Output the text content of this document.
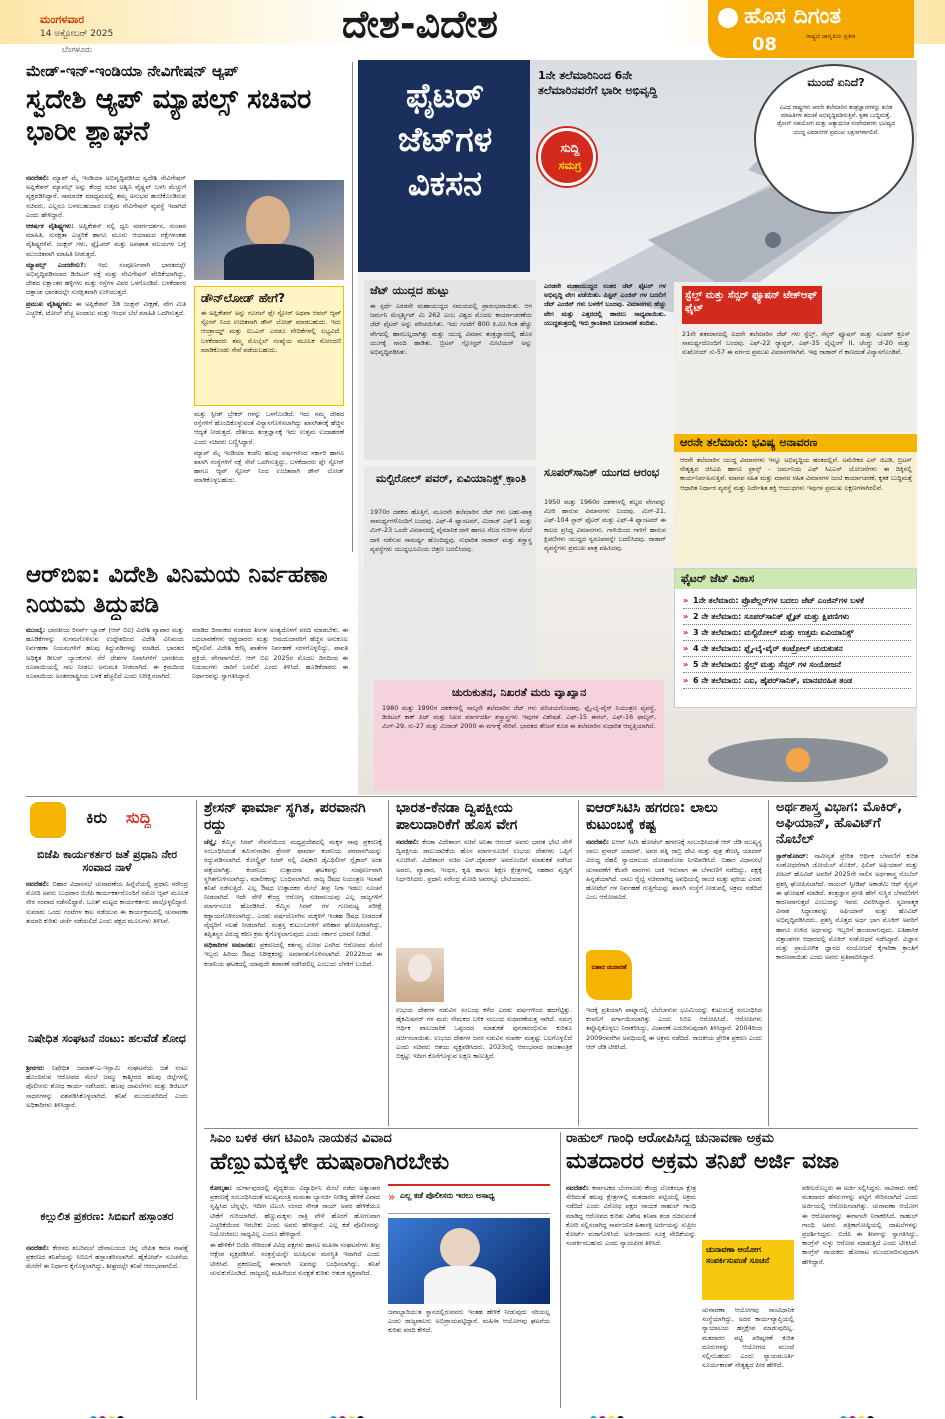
ಮಂಗಳವಾರ
14 ಅಕ್ಟೋಬರ್ 2025
ಬೆಂಗಳೂರು
ದೇಶ-ವಿದೇಶ	ಹೊಸ ದಿಗಂತ
ರಾಷ್ಟ್ರದ ಜಾಗೃತಿಯ ಪ್ರತೀಕ
08
ಮೇಡ್-ಇನ್-ಇಂಡಿಯಾ ನೇವಿಗೇಷನ್ ಆ್ಯಪ್
ಸ್ವದೇಶಿ ಆ್ಯಪ್ ಮ್ಯಾಪಲ್ಸ್ ಸಚಿವರ ಭಾರೀ ಶ್ಲಾಘನೆ

ನವದೆಹಲಿ: ಮ್ಯಾಪ್ ಮೈ ಇಂಡಿಯಾ ಅಭಿವೃದ್ಧಿಪಡಿಸಿದ ಸ್ವದೇಶಿ ನೇವಿಗೇಷನ್ ಅಪ್ಲಿಕೇಶನ್ ಮ್ಯಾಪಲ್ಸ್ ಅನ್ನು ಕೇಂದ್ರ ಸಚಿವ ಅಶ್ವಿನಿ ವೈಷ್ಣವ್ ಬಳಸಿ ಮೆಚ್ಚುಗೆ ವ್ಯಕ್ತಪಡಿಸಿದ್ದಾರೆ. ಸಾಮಾಜಿಕ ಮಾಧ್ಯಮದಲ್ಲಿ ತಮ್ಮ ಅನುಭವ ಹಂಚಿಕೊಂಡಿರುವ ಸಚಿವರು, ಎಲ್ಲರೂ ಬಳಸಬಹುದಾದ ಉತ್ತಮ ನೇವಿಗೇಷನ್ ವ್ಯವಸ್ಥೆ ಇದಾಗಿದೆ ಎಂದು ಹೇಳಿದ್ದಾರೆ.

ಆಕರ್ಷಕ ವೈಶಿಷ್ಟ್ಯಗಳು: ಅಪ್ಲಿಕೇಶನ್ ನಲ್ಲಿ ಧ್ವನಿ ಮಾರ್ಗದರ್ಶನ, ಸಂಚಾರ ಮಾಹಿತಿ, ಸುರಕ್ಷತಾ ಎಚ್ಚರಿಕೆ ಹಾಗೂ ಮೂರು ಆಯಾಮದ ನಕ್ಷೆಗಳಂತಹ ವೈಶಿಷ್ಟ್ಯಗಳಿವೆ. ಜಂಕ್ಷನ್ ಗಳು, ಫ್ಲೈಓವರ್ ಮತ್ತು ಅಪಘಾತ ವಲಯಗಳ ಬಗ್ಗೆ ಮುಂಚಿತವಾಗಿ ಮಾಹಿತಿ ನೀಡುತ್ತದೆ.

ಮ್ಯಾಪಲ್ಸ್ ಎಂದರೇನು?: ಇದು ಸಂಪೂರ್ಣವಾಗಿ ಭಾರತದಲ್ಲೇ ಅಭಿವೃದ್ಧಿಪಡಿಸಲಾದ ಡಿಜಿಟಲ್ ನಕ್ಷೆ ಮತ್ತು ನೇವಿಗೇಷನ್ ವೇದಿಕೆಯಾಗಿದ್ದು, ದೇಶದ ಲಕ್ಷಾಂತರ ಹಳ್ಳಿಗಳು ಮತ್ತು ರಸ್ತೆಗಳ ವಿವರ ಒಳಗೊಂಡಿದೆ. ಬಳಕೆದಾರರ ದತ್ತಾಂಶ ಭಾರತದಲ್ಲೇ ಸುರಕ್ಷಿತವಾಗಿ ಉಳಿಯುತ್ತದೆ.

ಪ್ರಮುಖ ವೈಶಿಷ್ಟ್ಯಗಳು: ಈ ಅಪ್ಲಿಕೇಶನ್ 3ಡಿ ಜಂಕ್ಷನ್ ವೀಕ್ಷಣೆ, ವೇಗ ಮಿತಿ ಎಚ್ಚರಿಕೆ, ಟೋಲ್ ವೆಚ್ಚ ಅಂದಾಜು ಮತ್ತು ಇಂಧನ ಬೆಲೆ ಮಾಹಿತಿ ಒದಗಿಸುತ್ತದೆ.

ಡೌನ್‌ಲೋಡ್ ಹೇಗೆ?
ಈ ಅಪ್ಲಿಕೇಶನ್ ಅನ್ನು ಗೂಗಲ್ ಪ್ಲೇ ಸ್ಟೋರ್ ಅಥವಾ ಆಪಲ್ ಆ್ಯಪ್ ಸ್ಟೋರ್ ನಿಂದ ಉಚಿತವಾಗಿ ಡೌನ್ ಲೋಡ್ ಮಾಡಬಹುದು. ಇದು ಆಂಡ್ರಾಯ್ಡ್ ಮತ್ತು ಐಒಎಸ್ ಎರಡೂ ವೇದಿಕೆಗಳಲ್ಲಿ ಲಭ್ಯವಿದೆ. ಬಳಕೆದಾರರು ತಮ್ಮ ಮೊಬೈಲ್ ಸಂಖ್ಯೆಯ ಮೂಲಕ ನೋಂದಣಿ ಮಾಡಿಕೊಂಡು ಸೇವೆ ಪಡೆಯಬಹುದು.

ಮತ್ತು ಸ್ಪೀಡ್ ಬ್ರೇಕರ್ ಗಳನ್ನು ಒಳಗೊಂಡಿದೆ. ಇದು ನಮ್ಮ ದೇಶದ ರಸ್ತೆಗಳಿಗೆ ಹೊಂದಿಕೊಳ್ಳುವಂತೆ ವಿನ್ಯಾಸಗೊಳಿಸಲಾಗಿದ್ದು ಖಾಸಗಿತನಕ್ಕೆ ಹೆಚ್ಚಿನ ಆದ್ಯತೆ ನೀಡುತ್ತದೆ. ದೇಶೀಯ ತಂತ್ರಜ್ಞಾನಕ್ಕೆ ಇದು ಉತ್ತಮ ಉದಾಹರಣೆ ಎಂದು ಸಚಿವರು ಬಣ್ಣಿಸಿದ್ದಾರೆ.

ಮ್ಯಾಪ್ ಮೈ ಇಂಡಿಯಾ ಕಂಪೆನಿ ಹಲವು ವರ್ಷಗಳಿಂದ ಸರ್ಕಾರಿ ಹಾಗೂ ಖಾಸಗಿ ಸಂಸ್ಥೆಗಳಿಗೆ ನಕ್ಷೆ ಸೇವೆ ಒದಗಿಸುತ್ತಿದ್ದು, ಬಳಕೆದಾರರು ಪ್ಲೇ ಸ್ಟೋರ್ ಹಾಗೂ ಆ್ಯಪ್ ಸ್ಟೋರ್ ನಿಂದ ಉಚಿತವಾಗಿ ಡೌನ್ ಲೋಡ್ ಮಾಡಿಕೊಳ್ಳಬಹುದು.

ಫೈಟರ್ ಜೆಟ್‌ಗಳ ವಿಕಸನ
1ನೇ ತಲೆಮಾರಿನಿಂದ 6ನೇ ತಲೆಮಾರಿನವರೆಗೆ ಭಾರೀ ಅಭಿವೃದ್ಧಿ
ಸುದ್ದಿ
ಸಮಗ್ರ
ಮುಂದೆ ಏನಿದೆ?
ವಿವಿಧ ರಾಷ್ಟ್ರಗಳು ಆರನೇ ತಲೆಮಾರಿನ ತಂತ್ರಜ್ಞಾನಗಳನ್ನು ಕುರಿತ ಮಾಹಿತಿಗಳ ಹಂಚಿಕೆ ಅಭಿವೃದ್ಧಿಪಡಿಸುತ್ತಿವೆ. ಕೃತಕ ಬುದ್ಧಿಮತ್ತೆ, ಡ್ರೋನ್ ಸಹಯೋಗ ಮತ್ತು ಅತ್ಯಾಧುನಿಕ ಸಂವೇದಕಗಳು ಭವಿಷ್ಯದ ಯುದ್ಧ ವಿಮಾನಗಳ ಪ್ರಮುಖ ಲಕ್ಷಣಗಳಾಗಲಿವೆ.
ಜೆಟ್ ಯುದ್ಧದ ಹುಟ್ಟು
ಈ ಸ್ಪರ್ಧೆ ಎರಡನೇ ಮಹಾಯುದ್ಧದ ಸಮಯದಲ್ಲಿ ಪ್ರಾರಂಭವಾಯಿತು. ಆಗ ಜರ್ಮನಿ ಮೆಸ್ಸರ್ಶ್ಮಿಟ್ ಮಿ 262 ಎಂಬ ವಿಶ್ವದ ಮೊದಲ ಕಾರ್ಯಾಚರಣೆಯ ಜೆಟ್ ಫೈಟರ್ ಅನ್ನು ಪರಿಚಯಿಸಿತು. ಇದು ಗಂಟೆಗೆ 800 ಕಿ.ಮೀ.ಗಿಂತ ಹೆಚ್ಚು ವೇಗದಲ್ಲಿ ಹಾರಬಲ್ಲದಾಗಿತ್ತು ಮತ್ತು ಯುದ್ಧ ವಿಮಾನ ತಂತ್ರಜ್ಞಾನದಲ್ಲಿ ಹೊಸ ಯುಗಕ್ಕೆ ನಾಂದಿ ಹಾಡಿತು. ಬ್ರಿಟನ್ ಗ್ಲೋಸ್ಟರ್ ಮೀಟಿಯರ್ ಅನ್ನು ಅಭಿವೃದ್ಧಿಪಡಿಸಿತು.
ಎರಡನೇ ಮಹಾಯುದ್ಧದ ನಂತರ ಜೆಟ್ ಫೈಟರ್ ಗಳ ಅಭಿವೃದ್ಧಿ ವೇಗ ಪಡೆಯಿತು. ಪಿಸ್ಟನ್ ಎಂಜಿನ್ ಗಳ ಬದಲಿಗೆ ಜೆಟ್ ಎಂಜಿನ್ ಗಳು ಬಳಕೆಗೆ ಬಂದವು. ವಿಮಾನಗಳು ಹೆಚ್ಚು ವೇಗ ಮತ್ತು ಎತ್ತರದಲ್ಲಿ ಹಾರಲು ಸಾಧ್ಯವಾಯಿತು. ಯುದ್ಧತಂತ್ರದಲ್ಲಿ ಇದು ಕ್ರಾಂತಿಕಾರಿ ಬದಲಾವಣೆ ತಂದಿತು.
ಸ್ಟೆಲ್ತ್ ಮತ್ತು ಸೆನ್ಸರ್ ಫ್ಯೂಷನ್ ಟೇಕ್‌ಆಫ್ ಫೈಟ್
21ನೇ ಶತಮಾನದಲ್ಲಿ ಐದನೇ ತಲೆಮಾರಿನ ಜೆಟ್ ಗಳು ಸ್ಟೆಲ್ತ್, ಸೆನ್ಸರ್ ಫ್ಯೂಷನ್ ಮತ್ತು ಸೂಪರ್ ಕ್ರೂಸ್ ಸಾಮರ್ಥ್ಯದೊಂದಿಗೆ ಬಂದವು. ಎಫ್-22 ರ್‍ಯಾಪ್ಟರ್, ಎಫ್-35 ಲೈಟ್ನಿಂಗ್ II, ಚೆಂಗ್ಡು ಜೆ-20 ಮತ್ತು ಸುಖೋಯ್ ಸು-57 ಈ ವರ್ಗದ ಪ್ರಮುಖ ವಿಮಾನಗಳಾಗಿವೆ. ಇವು ರಾಡಾರ್ ಗೆ ಕಾಣದಂತೆ ವಿನ್ಯಾಸಗೊಂಡಿವೆ.
ಆರನೇ ತಲೆಮಾರು: ಭವಿಷ್ಯ ಅನಾವರಣ
ಆರನೇ ತಲೆಮಾರಿನ ಯುದ್ಧ ವಿಮಾನಗಳು ಇನ್ನೂ ಅಭಿವೃದ್ಧಿಯ ಹಂತದಲ್ಲಿವೆ. ಅಮೆರಿಕದ ಎನ್ ಜಿಎಡಿ, ಬ್ರಿಟನ್ ನೇತೃತ್ವದ ಜಿಸಿಎಪಿ ಹಾಗೂ ಫ್ರಾನ್ಸ್ - ಜರ್ಮನಿಯ ಎಫ್ ಸಿಎಎಸ್ ಯೋಜನೆಗಳು ಈ ದಿಕ್ಕಿನಲ್ಲಿ ಕಾರ್ಯನಿರ್ವಹಿಸುತ್ತಿವೆ. ಮಾನವ ಸಹಿತ ಮತ್ತು ಮಾನವ ರಹಿತ ವಿಮಾನಗಳ ಜಂಟಿ ಕಾರ್ಯಾಚರಣೆ, ಕೃತಕ ಬುದ್ಧಿಮತ್ತೆ ಆಧಾರಿತ ನಿರ್ಧಾರ ವ್ಯವಸ್ಥೆ ಮತ್ತು ನಿರ್ದೇಶಿತ ಶಕ್ತಿ ಆಯುಧಗಳು ಇವುಗಳ ಪ್ರಮುಖ ಲಕ್ಷಣಗಳಾಗಿರಲಿವೆ.
ಫೈಟರ್ ಜೆಟ್ ವಿಕಾಸ
» 1ನೇ ತಲೆಮಾರು: ಪ್ರೊಪೆಲ್ಲರ್‌ಗಳ ಬದಲು ಜೆಟ್ ಎಂಜಿನ್‌ಗಳ ಬಳಕೆ
» 2 ನೇ ತಲೆಮಾರು: ಸೂಪರ್‌ಸಾನಿಕ್ ಫ್ಲೈಟ್ ಮತ್ತು ಕ್ಷಿಪಣಿಗಳು
» 3 ನೇ ತಲೆಮಾರು: ಮಲ್ಟಿರೋಲ್ ಮತ್ತು ಉತ್ತಮ ಏವಿಯಾನಿಕ್ಸ್
» 4 ನೇ ತಲೆಮಾರು: ಫ್ಲೈ-ಬೈ-ವೈರ್ ಕಂಟ್ರೋಲ್ ಚುರುಕುತನ
» 5 ನೇ ತಲೆಮಾರು: ಸ್ಟೆಲ್ತ್ ಮತ್ತು ಸೆನ್ಸರ್ ಗಳ ಸಂಯೋಜನೆ
» 6 ನೇ ತಲೆಮಾರು: ಎಐ, ಹೈಪರ್‌ಸಾನಿಕ್, ಮಾನವರಹಿತ ತಂಡ
ಮಲ್ಟಿರೋಲ್ ಪವರ್, ಏವಿಯಾನಿಕ್ಸ್ ಕ್ರಾಂತಿ
1970ರ ದಶಕದ ಹೊತ್ತಿಗೆ, ಮೂರನೇ ತಲೆಮಾರಿನ ಜೆಟ್ ಗಳು ಬಹು-ಪಾತ್ರ ಸಾಮರ್ಥ್ಯಗಳೊಂದಿಗೆ ಬಂದವು. ಎಫ್-4 ಫ್ಯಾಂಟಮ್, ಮಿರಾಜ್ ಎಫ್1 ಮತ್ತು ಮಿಗ್-23 ಒಂದೇ ವಿಮಾನದಲ್ಲಿ ವೈಮಾನಿಕ ದಾಳಿ ಹಾಗೂ ನೆಲದ ಗುರಿಗಳ ಮೇಲೆ ದಾಳಿ ನಡೆಸುವ ಸಾಮರ್ಥ್ಯ ಹೊಂದಿದ್ದವು. ಸುಧಾರಿತ ರಾಡಾರ್ ಮತ್ತು ಶಸ್ತ್ರಾಸ್ತ್ರ ವ್ಯವಸ್ಥೆಗಳು ಯುದ್ಧಭೂಮಿಯ ಚಿತ್ರಣ ಬದಲಿಸಿದವು.
ಸೂಪರ್‌ಸಾನಿಕ್ ಯುಗದ ಆರಂಭ
1950 ಮತ್ತು 1960ರ ದಶಕಗಳಲ್ಲಿ ಶಬ್ದದ ವೇಗವನ್ನು ಮೀರಿ ಹಾರುವ ವಿಮಾನಗಳು ಬಂದವು. ಮಿಗ್-21, ಎಫ್-104 ಸ್ಟಾರ್ ಫೈಟರ್ ಮತ್ತು ಎಫ್-4 ಫ್ಯಾಂಟಮ್ ಈ ಕಾಲದ ಪ್ರಸಿದ್ಧ ವಿಮಾನಗಳು. ಗಾಳಿಯಿಂದ ಗಾಳಿಗೆ ಹಾರುವ ಕ್ಷಿಪಣಿಗಳು ಯುದ್ಧದ ಸ್ವರೂಪವನ್ನೇ ಬದಲಿಸಿದವು. ರಾಡಾರ್ ವ್ಯವಸ್ಥೆಗಳು ಪ್ರಮುಖ ಪಾತ್ರ ವಹಿಸಿದವು.
ಚುರುಕುತನ, ನಿಖರತೆ ಮರು ವ್ಯಾಖ್ಯಾನ
1980 ಮತ್ತು 1990ರ ದಶಕಗಳಲ್ಲಿ ನಾಲ್ಕನೇ ತಲೆಮಾರಿನ ಜೆಟ್ ಗಳು ಪರಿಚಯಗೊಂಡವು. ಫ್ಲೈ-ಬೈ-ವೈರ್ ನಿಯಂತ್ರಣ ವ್ಯವಸ್ಥೆ, ಡಿಜಿಟಲ್ ಕಾಕ್ ಪಿಟ್ ಮತ್ತು ನಿಖರ ಮಾರ್ಗದರ್ಶಿ ಶಸ್ತ್ರಾಸ್ತ್ರಗಳು ಇವುಗಳ ವಿಶೇಷತೆ. ಎಫ್-15 ಈಗಲ್, ಎಫ್-16 ಫಾಲ್ಕನ್, ಮಿಗ್-29, ಸು-27 ಮತ್ತು ಮಿರಾಜ್ 2000 ಈ ವರ್ಗಕ್ಕೆ ಸೇರಿವೆ. ಭಾರತದ ತೇಜಸ್ ಕೂಡ ಈ ತಲೆಮಾರಿನ ಸುಧಾರಿತ ಆವೃತ್ತಿಯಾಗಿದೆ.
ಆರ್‌ಬಿಐ: ವಿದೇಶಿ ವಿನಿಮಯ ನಿರ್ವಹಣಾ ನಿಯಮ ತಿದ್ದುಪಡಿ
ಮುಂಬೈ: ಭಾರತೀಯ ರಿಸರ್ವ್ ಬ್ಯಾಂಕ್ (ಆರ್ ಬಿಐ) ವಿದೇಶಿ ವ್ಯಾಪಾರ ಮತ್ತು ಹೂಡಿಕೆಗಳನ್ನು ಸುಗಮಗೊಳಿಸುವ ಉದ್ದೇಶದಿಂದ ವಿದೇಶಿ ವಿನಿಮಯ ನಿರ್ವಹಣಾ ನಿಯಮಗಳಿಗೆ ಹಲವು ತಿದ್ದುಪಡಿಗಳನ್ನು ಮಾಡಿದೆ. ಭಾರತದ ಅಧಿಕೃತ ಡೀಲರ್ ಬ್ಯಾಂಕುಗಳು ನೆರೆ ದೇಶಗಳ ನಿವಾಸಿಗಳಿಗೆ ಭಾರತೀಯ ರೂಪಾಯಿಯಲ್ಲಿ ಸಾಲ ನೀಡಲು ಅನುಮತಿ ನೀಡಲಾಗಿದೆ. ಈ ಕ್ರಮದಿಂದ ರೂಪಾಯಿಯ ಅಂತರರಾಷ್ಟ್ರೀಯ ಬಳಕೆ ಹೆಚ್ಚಲಿದೆ ಎಂದು ನಿರೀಕ್ಷಿಸಲಾಗಿದೆ.
ಮಾಡಿದ ದಿನಾಂಕದ ನಂತರದ ತಿಂಗಳ ಅಂತ್ಯದೊಳಗೆ ವರದಿ ಮಾಡಬೇಕು. ಈ ಬದಲಾವಣೆಗಳು ರಫ್ತುದಾರರು ಮತ್ತು ಆಮದುದಾರರಿಗೆ ಹೆಚ್ಚಿನ ಅನುಕೂಲ ಕಲ್ಪಿಸಲಿವೆ. ವಿದೇಶಿ ಕರೆನ್ಸಿ ಖಾತೆಗಳ ನಿರ್ವಹಣೆ ಸರಳಗೊಳ್ಳಲಿದ್ದು, ಪಾವತಿ ಪ್ರಕ್ರಿಯೆ ವೇಗವಾಗಲಿದೆ. ಆರ್ ಬಿಐ 2025ರ ಮೊದಲ ದಿನದಿಂದ ಈ ನಿಯಮಗಳು ಜಾರಿಗೆ ಬರಲಿವೆ ಎಂದು ತಿಳಿಸಿದೆ. ಹೂಡಿಕೆದಾರರು ಈ ನಿರ್ಧಾರವನ್ನು ಸ್ವಾಗತಿಸಿದ್ದಾರೆ.
ಕಿರು ಸುದ್ದಿ
ಬಿಜೆಪಿ ಕಾರ್ಯಕರ್ತರ ಜತೆ ಪ್ರಧಾನಿ ನೇರ ಸಂವಾದ ನಾಳೆ
ನವದೆಹಲಿ: ಬಿಹಾರ ವಿಧಾನಸಭೆ ಚುನಾವಣೆಯ ಹಿನ್ನೆಲೆಯಲ್ಲಿ ಪ್ರಧಾನಿ ನರೇಂದ್ರ ಮೋದಿ ಅವರು ಬುಧವಾರ ಬಿಜೆಪಿ ಕಾರ್ಯಕರ್ತರೊಂದಿಗೆ ನಮೋ ಆ್ಯಪ್ ಮೂಲಕ ನೇರ ಸಂವಾದ ನಡೆಸಲಿದ್ದಾರೆ. ಬೂತ್ ಮಟ್ಟದ ಕಾರ್ಯಕರ್ತರು ಪಾಲ್ಗೊಳ್ಳಲಿದ್ದಾರೆ. ಸುಮಾರು ಒಂದು ಗಂಟೆಗಳ ಕಾಲ ನಡೆಯುವ ಈ ಕಾರ್ಯಕ್ರಮದಲ್ಲಿ ಚುನಾವಣಾ ತಯಾರಿ ಕುರಿತು ಚರ್ಚೆ ನಡೆಯಲಿದೆ ಎಂದು ಪಕ್ಷದ ಮೂಲಗಳು ತಿಳಿಸಿವೆ.
ನಿಷೇಧಿತ ಸಂಘಟನೆ ನಂಟು: ಹಲವೆಡೆ ಶೋಧ
ಶ್ರೀನಗರ: ನಿಷೇಧಿತ ಜಮಾತ್-ಎ-ಇಸ್ಲಾಮಿ ಸಂಘಟನೆಯ ಜತೆ ನಂಟು ಹೊಂದಿರುವ ಆರೋಪದ ಮೇಲೆ ಜಮ್ಮು ಕಾಶ್ಮೀರದ ಹಲವು ಜಿಲ್ಲೆಗಳಲ್ಲಿ ಪೊಲೀಸರು ಶೋಧ ಕಾರ್ಯ ನಡೆಸಿದರು. ಹಲವು ದಾಖಲೆಗಳು ಮತ್ತು ಡಿಜಿಟಲ್ ಸಾಧನಗಳನ್ನು ವಶಪಡಿಸಿಕೊಳ್ಳಲಾಗಿದೆ. ತನಿಖೆ ಮುಂದುವರಿದಿದೆ ಎಂದು ಅಧಿಕಾರಿಗಳು ತಿಳಿಸಿದ್ದಾರೆ.
ಕಲ್ಲುಲಿತ ಪ್ರಕರಣ: ಸಿಬಿಐಗೆ ಹಸ್ತಾಂತರ
ನವದೆಹಲಿ: ಕೇರಳದ ಶಬರಿಮಲೆ ದೇವಾಲಯದ ಚಿನ್ನ ಲೇಪಿತ ಕವಚ ನಾಪತ್ತೆ ಪ್ರಕರಣದ ತನಿಖೆಯನ್ನು ಸಿಬಿಐಗೆ ಹಸ್ತಾಂತರಿಸಲಾಗಿದೆ. ಹೈಕೋರ್ಟ್ ಸೂಚನೆಯ ಮೇರೆಗೆ ಈ ನಿರ್ಧಾರ ಕೈಗೊಳ್ಳಲಾಗಿದ್ದು, ಶೀಘ್ರದಲ್ಲೇ ತನಿಖೆ ಆರಂಭವಾಗಲಿದೆ.
ಶ್ರೇಸನ್ ಫಾರ್ಮಾ ಸ್ಥಗಿತ, ಪರವಾನಗಿ ರದ್ದು

ಚೆನ್ನೈ: ಕೆಮ್ಮಿನ ಸಿರಪ್ ಸೇವನೆಯಿಂದ ಮಧ್ಯಪ್ರದೇಶದಲ್ಲಿ ಮಕ್ಕಳ ಸಾವು ಪ್ರಕರಣಕ್ಕೆ ಸಂಬಂಧಿಸಿದಂತೆ ತಮಿಳುನಾಡಿನ ಶ್ರೇಸನ್ ಫಾರ್ಮಾ ಕಂಪನಿಯ ಪರವಾನಗಿಯನ್ನು ರದ್ದುಪಡಿಸಲಾಗಿದೆ. ಕೋಲ್ಡ್ರಿಫ್ ಸಿರಪ್ ನಲ್ಲಿ ವಿಷಕಾರಿ ಡೈಎಥಿಲೀನ್ ಗ್ಲೈಕಾಲ್ ಅಂಶ ಪತ್ತೆಯಾಗಿತ್ತು. ಕಂಪನಿಯ ಉತ್ಪಾದನಾ ಘಟಕವನ್ನು ಸಂಪೂರ್ಣವಾಗಿ ಸ್ಥಗಿತಗೊಳಿಸಲಾಗಿದ್ದು, ಮಾಲೀಕರನ್ನು ಬಂಧಿಸಲಾಗಿದೆ. ರಾಜ್ಯ ಔಷಧ ನಿಯಂತ್ರಣ ಇಲಾಖೆ ತನಿಖೆ ನಡೆಸುತ್ತಿದೆ. ಎಲ್ಲ ಔಷಧ ಉತ್ಪಾದಕರ ಮೇಲೆ ತೀವ್ರ ನಿಗಾ ಇಡಲು ಸೂಚನೆ ನೀಡಲಾಗಿದೆ. ಇದೇ ವೇಳೆ ಕೇಂದ್ರ ಆರೋಗ್ಯ ಸಚಿವಾಲಯವು ಎಲ್ಲ ರಾಜ್ಯಗಳಿಗೆ ಮಾರ್ಗಸೂಚಿ ಹೊರಡಿಸಿದೆ. ಕೆಮ್ಮಿನ ಸಿರಪ್ ಗಳ ಗುಣಮಟ್ಟ ಪರೀಕ್ಷೆ ಕಡ್ಡಾಯಗೊಳಿಸಲಾಗಿದ್ದು, ಎರಡು ವರ್ಷದೊಳಗಿನ ಮಕ್ಕಳಿಗೆ ಇಂತಹ ಔಷಧ ನೀಡದಂತೆ ವೈದ್ಯರಿಗೆ ಸಲಹೆ ನೀಡಲಾಗಿದೆ. ಸಂತ್ರಸ್ತ ಕುಟುಂಬಗಳಿಗೆ ಪರಿಹಾರ ಘೋಷಿಸಲಾಗಿದ್ದು, ತಪ್ಪಿತಸ್ಥರ ವಿರುದ್ಧ ಕಠಿಣ ಕ್ರಮ ಕೈಗೊಳ್ಳಲಾಗುವುದು ಎಂದು ಸರ್ಕಾರ ಭರವಸೆ ನೀಡಿದೆ.

ಅಧಿಕಾರಿಗಳ ಅಮಾನತು: ಪ್ರಕರಣದಲ್ಲಿ ಕರ್ತವ್ಯ ಲೋಪ ಎಸಗಿದ ಆರೋಪದ ಮೇಲೆ ಇಬ್ಬರು ಹಿರಿಯ ಔಷಧ ನಿರೀಕ್ಷಕರನ್ನು ಅಮಾನತುಗೊಳಿಸಲಾಗಿದೆ. 2022ರಿಂದ ಈ ಕಂಪನಿಯ ಘಟಕದಲ್ಲಿ ಯಾವುದೇ ತಪಾಸಣೆ ನಡೆಸಿರಲಿಲ್ಲ ಎಂಬುದು ಬೆಳಕಿಗೆ ಬಂದಿದೆ.

ಭಾರತ-ಕೆನಡಾ ದ್ವಿಪಕ್ಷೀಯ ಪಾಲುದಾರಿಕೆಗೆ ಹೊಸ ವೇಗ
ನವದೆಹಲಿ: ಕೆನಡಾ ವಿದೇಶಾಂಗ ಸಚಿವೆ ಅನಿತಾ ಆನಂದ್ ಅವರು ಭಾರತ ಭೇಟಿ ವೇಳೆ ದ್ವಿಪಕ್ಷೀಯ ಪಾಲುದಾರಿಕೆಯ ಹೊಸ ಮಾರ್ಗಸೂಚಿಗೆ ಉಭಯ ದೇಶಗಳು ಒಪ್ಪಿಗೆ ಸೂಚಿಸಿವೆ. ವಿದೇಶಾಂಗ ಸಚಿವ ಎಸ್.ಜೈಶಂಕರ್ ಅವರೊಂದಿಗೆ ಮಾತುಕತೆ ನಡೆಸಿದ ಅವರು, ವ್ಯಾಪಾರ, ಇಂಧನ, ಕೃಷಿ ಹಾಗೂ ಶಿಕ್ಷಣ ಕ್ಷೇತ್ರಗಳಲ್ಲಿ ಸಹಕಾರ ವೃದ್ಧಿಗೆ ನಿರ್ಧರಿಸಿದರು. ಪ್ರಧಾನಿ ನರೇಂದ್ರ ಮೋದಿ ಅವರನ್ನೂ ಭೇಟಿಯಾದರು.
ಉಭಯ ದೇಶಗಳ ನಡುವಿನ ಸಂಬಂಧ ಕಳೆದ ಎರಡು ವರ್ಷಗಳಿಂದ ಹದಗೆಟ್ಟಿತ್ತು. ಹೈಕಮಿಷನರ್ ಗಳ ಮರು ನೇಮಕದ ಬಳಿಕ ಸಂಬಂಧ ಸುಧಾರಣೆಯತ್ತ ಸಾಗಿದೆ. ಸಮಗ್ರ ಆರ್ಥಿಕ ಪಾಲುದಾರಿಕೆ ಒಪ್ಪಂದದ ಮಾತುಕತೆ ಪುನರಾರಂಭಿಸುವ ಕುರಿತೂ ಚರ್ಚಿಸಲಾಯಿತು. ಉಭಯ ದೇಶಗಳ ಜನರ ನಡುವಿನ ಸಂಪರ್ಕ ಮತ್ತಷ್ಟು ಬಲಗೊಳ್ಳಲಿದೆ ಎಂದು ಸಚಿವರು ಆಶಯ ವ್ಯಕ್ತಪಡಿಸಿದರು. 2023ರಲ್ಲಿ ಆರಂಭವಾದ ರಾಜತಾಂತ್ರಿಕ ಬಿಕ್ಕಟ್ಟು ಇದೀಗ ಕೊನೆಗೊಳ್ಳುವ ಲಕ್ಷಣ ಕಾಣುತ್ತಿದೆ.
ಐಆರ್‌ಸಿಟಿಸಿ ಹಗರಣ: ಲಾಲು ಕುಟುಂಬಕ್ಕೆ ಕಷ್ಟ
ನವದೆಹಲಿ: ಐಆರ್ ಸಿಟಿಸಿ ಹೋಟೆಲ್ ಹಗರಣಕ್ಕೆ ಸಂಬಂಧಿಸಿದಂತೆ ಆರ್ ಜೆಡಿ ಮುಖ್ಯಸ್ಥ ಲಾಲು ಪ್ರಸಾದ್ ಯಾದವ್, ಅವರ ಪತ್ನಿ ರಾಬ್ರಿ ದೇವಿ ಮತ್ತು ಪುತ್ರ ತೇಜಸ್ವಿ ಯಾದವ್ ವಿರುದ್ಧ ದೆಹಲಿ ನ್ಯಾಯಾಲಯ ದೋಷಾರೋಪ ನಿಗದಿಪಡಿಸಿದೆ. ಬಿಹಾರ ವಿಧಾನಸಭೆ ಚುನಾವಣೆಗೆ ಕೆಲವೇ ವಾರಗಳು ಬಾಕಿ ಇರುವಾಗ ಈ ಬೆಳವಣಿಗೆ ನಡೆದಿದ್ದು, ಪಕ್ಷಕ್ಕೆ ಹಿನ್ನಡೆಯಾಗಿದೆ. ಲಾಲು ರೈಲ್ವೆ ಸಚಿವರಾಗಿದ್ದ ಅವಧಿಯಲ್ಲಿ ರಾಂಚಿ ಮತ್ತು ಪುರಿಯ ಎರಡು ಹೋಟೆಲ್ ಗಳ ನಿರ್ವಹಣೆ ಗುತ್ತಿಗೆಯನ್ನು ಖಾಸಗಿ ಸಂಸ್ಥೆಗೆ ನೀಡುವಲ್ಲಿ ಅಕ್ರಮ ನಡೆದಿದೆ ಎಂಬ ಆರೋಪವಿದೆ.
ಬಿಹಾರ ಚುನಾವಣೆ
ಇದಕ್ಕೆ ಪ್ರತಿಯಾಗಿ ಪಾಟ್ನಾದಲ್ಲಿ ಬೆಲೆಬಾಳುವ ಭೂಮಿಯನ್ನು ಕುಟುಂಬಕ್ಕೆ ಸಂಬಂಧಿಸಿದ ಕಂಪನಿಗೆ ವರ್ಗಾಯಿಸಲಾಗಿತ್ತು ಎಂದು ಸಿಬಿಐ ಆರೋಪಿಸಿದೆ. ಆರೋಪಿಗಳು ತಪ್ಪೊಪ್ಪಿಕೊಳ್ಳಲು ನಿರಾಕರಿಸಿದ್ದು, ವಿಚಾರಣೆ ಎದುರಿಸುವುದಾಗಿ ತಿಳಿಸಿದ್ದಾರೆ. 2004ರಿಂದ 2009ರವರೆಗಿನ ಅವಧಿಯಲ್ಲಿ ಈ ಅಕ್ರಮ ನಡೆದಿದೆ. ರಾಜಕೀಯ ಪ್ರೇರಿತ ಪ್ರಕರಣ ಎಂದು ಆರ್ ಜೆಡಿ ಟೀಕಿಸಿದೆ.
ಅರ್ಥಶಾಸ್ತ್ರ ವಿಭಾಗ: ಮೊಕಿರ್, ಅಘಿಯಾನ್, ಹೊವಿಟ್‌ಗೆ ನೊಬೆಲ್
ಸ್ಟಾಕ್‌ಹೋಮ್: ನಾವೀನ್ಯತೆ ಪ್ರೇರಿತ ಆರ್ಥಿಕ ಬೆಳವಣಿಗೆ ಕುರಿತ ಸಂಶೋಧನೆಗಾಗಿ ಜೋಯೆಲ್ ಮೊಕಿರ್, ಫಿಲಿಪ್ ಅಘಿಯಾನ್ ಮತ್ತು ಪೀಟರ್ ಹೊವಿಟ್ ಅವರಿಗೆ 2025ನೇ ಸಾಲಿನ ಅರ್ಥಶಾಸ್ತ್ರ ನೊಬೆಲ್ ಪ್ರಶಸ್ತಿ ಘೋಷಿಸಲಾಗಿದೆ. ರಾಯಲ್ ಸ್ವೀಡಿಷ್ ಅಕಾಡೆಮಿ ಆಫ್ ಸೈನ್ಸಸ್ ಈ ಘೋಷಣೆ ಮಾಡಿದೆ. ತಂತ್ರಜ್ಞಾನ ಪ್ರಗತಿ ಹೇಗೆ ಸುಸ್ಥಿರ ಬೆಳವಣಿಗೆಗೆ ಕಾರಣವಾಗುತ್ತದೆ ಎಂಬುದನ್ನು ಇವರು ವಿವರಿಸಿದ್ದಾರೆ. ಸೃಜನಾತ್ಮಕ ವಿನಾಶ ಸಿದ್ಧಾಂತವನ್ನು ಅಘಿಯಾನ್ ಮತ್ತು ಹೊವಿಟ್ ಅಭಿವೃದ್ಧಿಪಡಿಸಿದರು. ಪ್ರಶಸ್ತಿ ಮೊತ್ತದ ಅರ್ಧ ಭಾಗ ಮೊಕಿರ್ ಅವರಿಗೆ ಹಾಗೂ ಉಳಿದ ಅರ್ಧವನ್ನು ಇಬ್ಬರಿಗೆ ಹಂಚಲಾಗುವುದು. ಐತಿಹಾಸಿಕ ದತ್ತಾಂಶಗಳ ಆಧಾರದಲ್ಲಿ ಮೊಕಿರ್ ಸಂಶೋಧನೆ ನಡೆಸಿದ್ದಾರೆ. ವಿಜ್ಞಾನ ಮತ್ತು ಪ್ರಾಯೋಗಿಕ ಜ್ಞಾನದ ಸಂಯೋಜನೆ ಕೈಗಾರಿಕಾ ಕ್ರಾಂತಿಗೆ ಕಾರಣವಾಯಿತು ಎಂದು ಅವರು ಪ್ರತಿಪಾದಿಸಿದ್ದಾರೆ.
ಸಿಎಂ ಬಳಿಕ ಈಗ ಟಿಎಂಸಿ ನಾಯಕನ ವಿವಾದ
ಹೆಣ್ಣುಮಕ್ಕಳೇ ಹುಷಾರಾಗಿರಬೇಕು

ಕೋಲ್ಕತಾ: ದುರ್ಗಾಪುರದಲ್ಲಿ ವೈದ್ಯಕೀಯ ವಿದ್ಯಾರ್ಥಿನಿ ಮೇಲೆ ನಡೆದ ಅತ್ಯಾಚಾರ ಪ್ರಕರಣಕ್ಕೆ ಸಂಬಂಧಿಸಿದಂತೆ ಮುಖ್ಯಮಂತ್ರಿ ಮಮತಾ ಬ್ಯಾನರ್ಜಿ ನೀಡಿದ್ದ ಹೇಳಿಕೆ ವಿವಾದ ಸೃಷ್ಟಿಸಿದ ಬೆನ್ನಲ್ಲೇ, ಇದೀಗ ಟಿಎಂಸಿ ಸಂಸದ ಸೌಗತ ರಾಯ್ ಅವರ ಹೇಳಿಕೆಯೂ ಟೀಕೆಗೆ ಗುರಿಯಾಗಿದೆ. ಹೆಣ್ಣುಮಕ್ಕಳು ರಾತ್ರಿ ವೇಳೆ ಹೊರಗೆ ಹೋಗುವಾಗ ಎಚ್ಚರಿಕೆಯಿಂದ ಇರಬೇಕು ಎಂದು ಅವರು ಹೇಳಿದ್ದಾರೆ. ಎಲ್ಲ ಕಡೆ ಪೊಲೀಸರನ್ನು ನಿಯೋಜಿಸಲು ಸಾಧ್ಯವಿಲ್ಲ ಎಂದೂ ಹೇಳಿದ್ದಾರೆ.

ಈ ಹೇಳಿಕೆಗೆ ಬಿಜೆಪಿ ಸೇರಿದಂತೆ ವಿವಿಧ ಪಕ್ಷಗಳು ಹಾಗೂ ಮಹಿಳಾ ಸಂಘಟನೆಗಳು ತೀವ್ರ ಆಕ್ಷೇಪ ವ್ಯಕ್ತಪಡಿಸಿವೆ. ಸಂತ್ರಸ್ತೆಯನ್ನೇ ದೂಷಿಸುವ ಮನಸ್ಥಿತಿ ಇದಾಗಿದೆ ಎಂದು ಟೀಕಿಸಿವೆ. ಪ್ರಕರಣದಲ್ಲಿ ಈಗಾಗಲೇ ಐವರನ್ನು ಬಂಧಿಸಲಾಗಿದ್ದು, ತನಿಖೆ ಚುರುಕುಗೊಂಡಿದೆ. ರಾಜ್ಯದಲ್ಲಿ ಮಹಿಳೆಯರ ಸುರಕ್ಷತೆ ಕುರಿತು ಆತಂಕ ವ್ಯಕ್ತವಾಗಿದೆ.

» ಎಲ್ಲ ಕಡೆ ಪೊಲೀಸರು ಇರಲು ಅಸಾಧ್ಯ
ಜವಾಬ್ದಾರಿಯುತ ಸ್ಥಾನದಲ್ಲಿರುವವರು ಇಂತಹ ಹೇಳಿಕೆ ನೀಡುವುದು ಸರಿಯಲ್ಲ ಎಂದು ರಾಜ್ಯಪಾಲರು ಅಭಿಪ್ರಾಯಪಟ್ಟಿದ್ದಾರೆ. ಮಹಿಳಾ ಆಯೋಗವು ಘಟನೆಯ ಕುರಿತು ವರದಿ ಕೇಳಿದೆ.
ರಾಹುಲ್ ಗಾಂಧಿ ಆರೋಪಿಸಿದ್ದ ಚುನಾವಣಾ ಅಕ್ರಮ
ಮತದಾರರ ಅಕ್ರಮ ತನಿಖೆ ಅರ್ಜಿ ವಜಾ
ನವದೆಹಲಿ: ಕರ್ನಾಟಕದ ಬೆಂಗಳೂರು ಕೇಂದ್ರ ಲೋಕಸಭಾ ಕ್ಷೇತ್ರ ಸೇರಿದಂತೆ ಹಲವು ಕ್ಷೇತ್ರಗಳಲ್ಲಿ ಮತದಾರರ ಪಟ್ಟಿಯಲ್ಲಿ ಅಕ್ರಮ ನಡೆದಿದೆ ಎಂದು ವಿರೋಧ ಪಕ್ಷದ ನಾಯಕ ರಾಹುಲ್ ಗಾಂಧಿ ಮಾಡಿದ್ದ ಆರೋಪದ ಕುರಿತು ವಿಶೇಷ ತನಿಖಾ ತಂಡ ರಚಿಸುವಂತೆ ಕೋರಿ ಸಲ್ಲಿಸಲಾಗಿದ್ದ ಸಾರ್ವಜನಿಕ ಹಿತಾಸಕ್ತಿ ಅರ್ಜಿಯನ್ನು ಸುಪ್ರೀಂ ಕೋರ್ಟ್ ವಜಾಗೊಳಿಸಿದೆ. ಅರ್ಜಿದಾರರು ಸೂಕ್ತ ವೇದಿಕೆಯನ್ನು ಸಂಪರ್ಕಿಸಬಹುದು ಎಂದು ನ್ಯಾಯಪೀಠ ತಿಳಿಸಿದೆ.
ಚುನಾವಣಾ ಆಯೋಗ ಸಂಪರ್ಕಿಸುವಂತೆ ಸೂಚನೆ
ಚುನಾವಣಾ ಆಯೋಗವು ಸಾಂವಿಧಾನಿಕ ಸಂಸ್ಥೆಯಾಗಿದ್ದು, ಅದರ ಕಾರ್ಯವ್ಯಾಪ್ತಿಯಲ್ಲಿ ನ್ಯಾಯಾಲಯ ಹಸ್ತಕ್ಷೇಪ ಮಾಡುವುದಿಲ್ಲ. ಮತದಾರರ ಪಟ್ಟಿ ಪರಿಷ್ಕರಣೆ ಕುರಿತ ದೂರುಗಳನ್ನು ಆಯೋಗದ ಮುಂದೆ ಸಲ್ಲಿಸಬಹುದು ಎಂದು ನ್ಯಾಯಮೂರ್ತಿ ಸೂರ್ಯಕಾಂತ್ ನೇತೃತ್ವದ ಪೀಠ ಹೇಳಿದೆ.
ವಕೀಲರೊಬ್ಬರು ಈ ಅರ್ಜಿ ಸಲ್ಲಿಸಿದ್ದರು. ಸಾವಿರಾರು ನಕಲಿ ಮತದಾರರ ಹೆಸರುಗಳನ್ನು ಪಟ್ಟಿಗೆ ಸೇರಿಸಲಾಗಿದೆ ಎಂದು ಅರ್ಜಿಯಲ್ಲಿ ಆರೋಪಿಸಲಾಗಿತ್ತು. ಚುನಾವಣಾ ಆಯೋಗ ಈ ಆರೋಪಗಳನ್ನು ಈಗಾಗಲೇ ನಿರಾಕರಿಸಿದೆ. ರಾಹುಲ್ ಗಾಂಧಿ ಅವರು ಪತ್ರಿಕಾಗೋಷ್ಠಿಯಲ್ಲಿ ದಾಖಲೆಗಳನ್ನು ಪ್ರದರ್ಶಿಸಿದ್ದರು. ಬಿಜೆಪಿ ಈ ತೀರ್ಪನ್ನು ಸ್ವಾಗತಿಸಿದ್ದು, ಕಾಂಗ್ರೆಸ್ ಸುಳ್ಳು ಆರೋಪ ಮಾಡುತ್ತಿದೆ ಎಂದು ಟೀಕಿಸಿದೆ. ಕಾಂಗ್ರೆಸ್ ನಾಯಕರು ಹೋರಾಟ ಮುಂದುವರಿಸುವುದಾಗಿ ಹೇಳಿದ್ದಾರೆ.
